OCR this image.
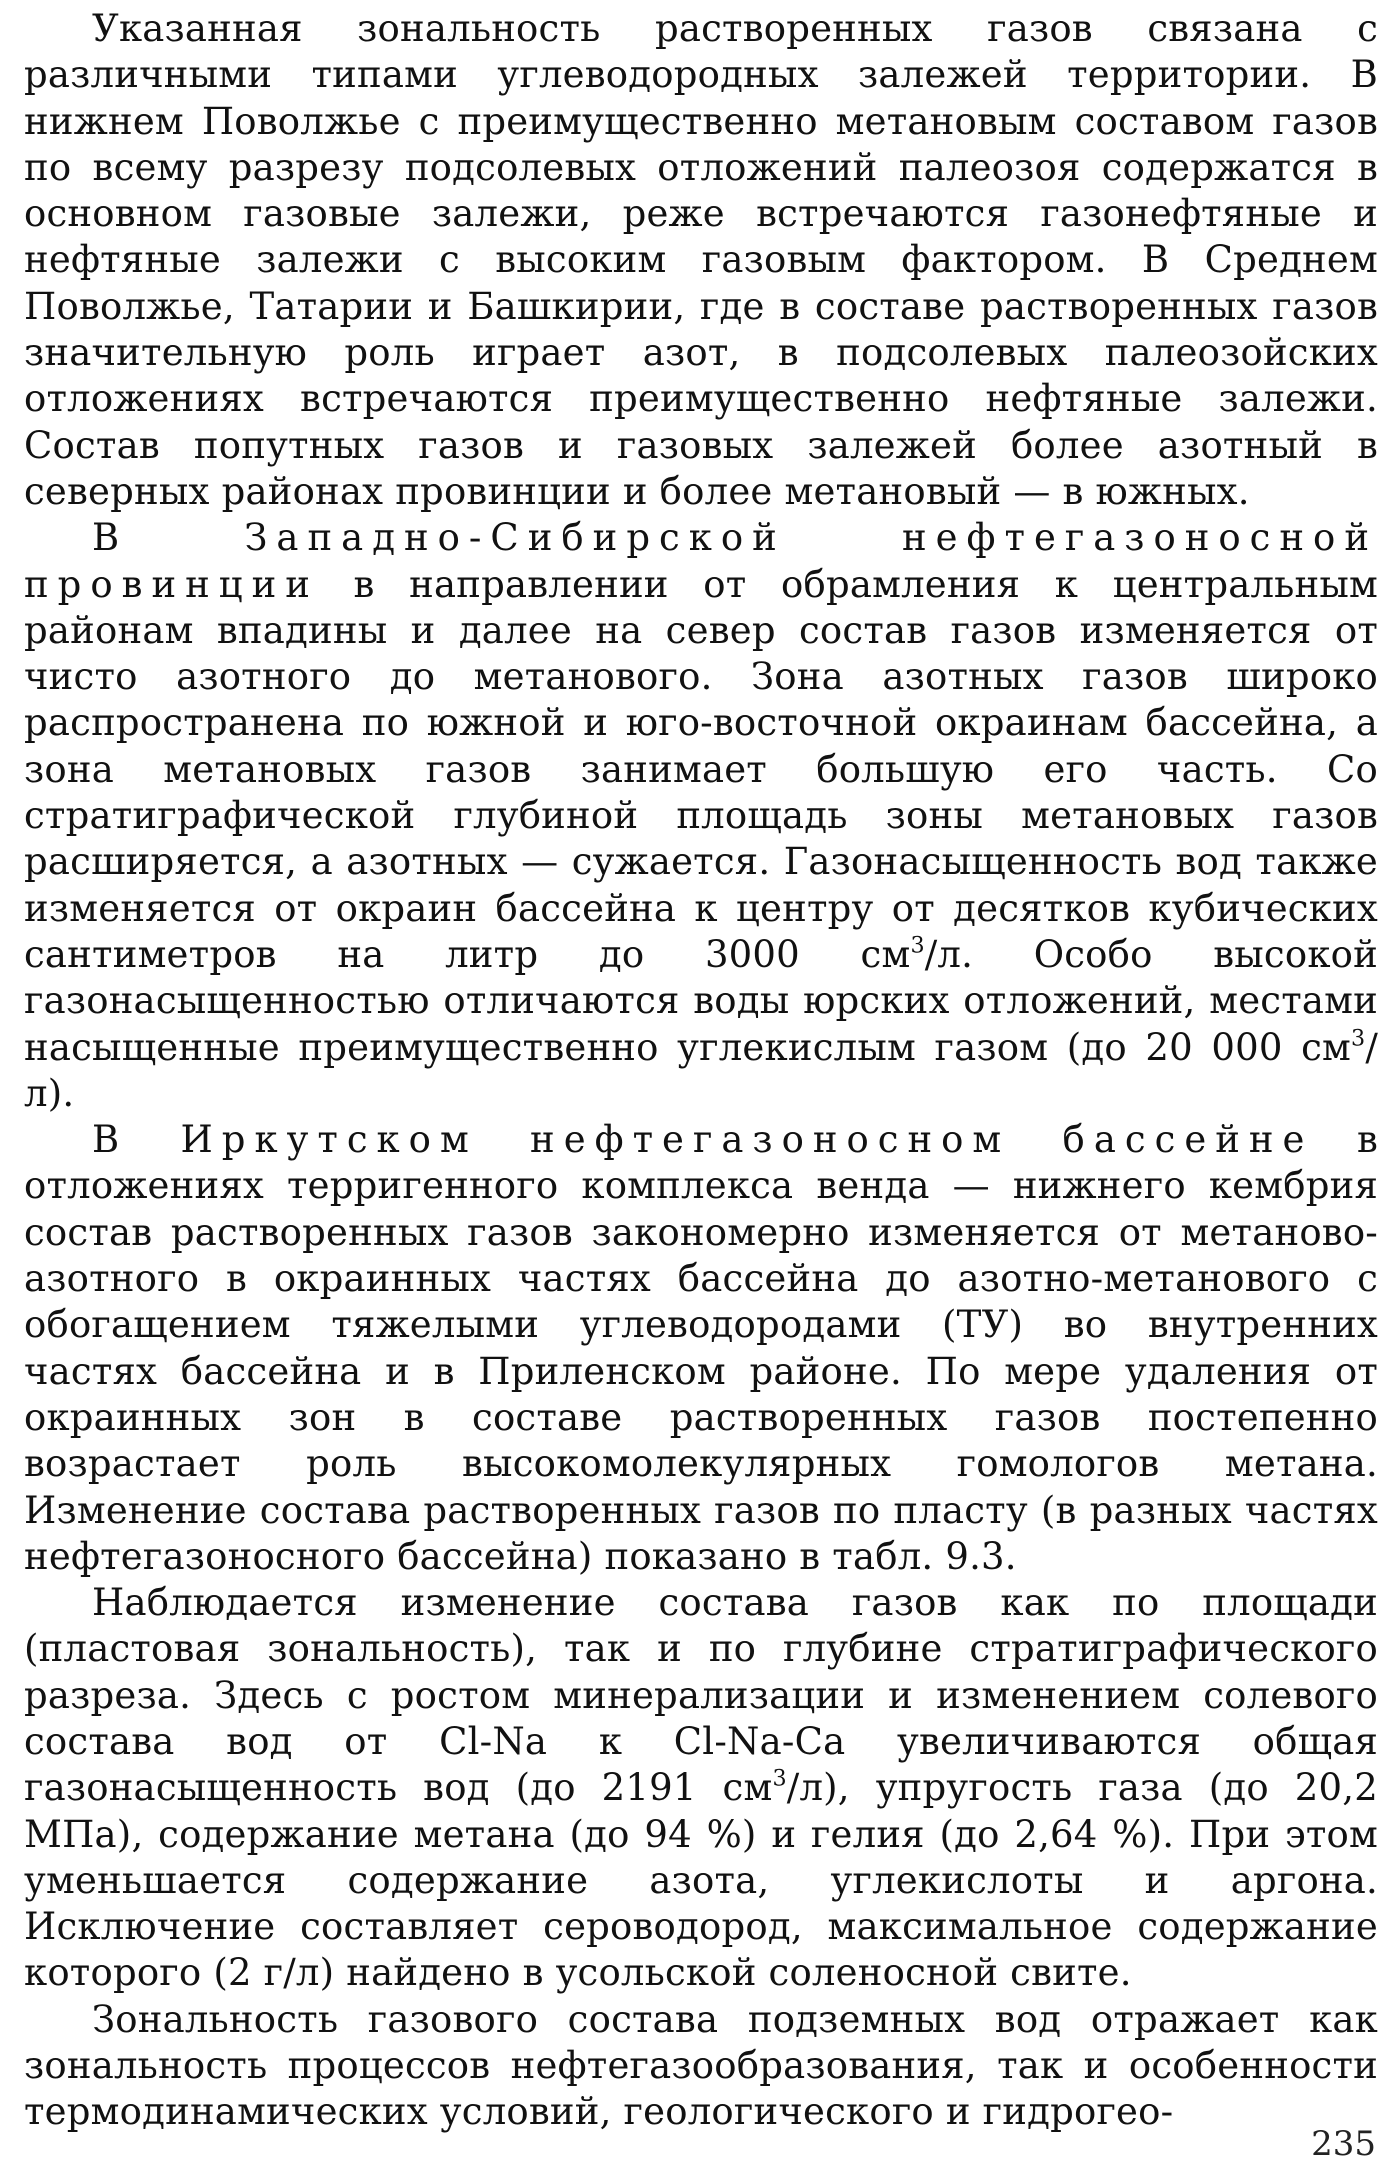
Указанная зональность растворенных газов связана с различными типами углеводородных залежей территории. В нижнем Поволжье с преимущественно метановым составом газов по всему разрезу подсолевых отложений палеозоя содержатся в основном газовые залежи, реже встречаются газонефтяные и нефтяные залежи с высоким газовым фактором. В Среднем Поволжье, Татарии и Башкирии, где в составе растворенных газов значительную роль играет азот, в подсолевых палеозойских отложениях встречаются преимущественно нефтяные залежи. Состав попутных газов и газовых залежей более азотный в северных районах провинции и более метановый — в южных.

В Западно-Сибирской нефтегазоносной провинции в направлении от обрамления к центральным районам впадины и далее на север состав газов изменяется от чисто азотного до метанового. Зона азотных газов широко распространена по южной и юго-восточной окраинам бассейна, а зона метановых газов занимает большую его часть. Со стратиграфической глубиной площадь зоны метановых газов расширяется, а азотных — сужается. Газонасыщенность вод также изменяется от окраин бассейна к центру от десятков кубических сантиметров на литр до 3000 $см^3/л$. Особо высокой газонасыщенностью отличаются воды юрских отложений, местами насыщенные преимущественно углекислым газом (до 20 000 $см^3/л$).

В Иркутском нефтегазоносном бассейне в отложениях терригенного комплекса венда — нижнего кембрия состав растворенных газов закономерно изменяется от метаново-азотного в окраинных частях бассейна до азотно-метанового с обогащением тяжелыми углеводородами (ТУ) во внутренних частях бассейна и в Приленском районе. По мере удаления от окраинных зон в составе растворенных газов постепенно возрастает роль высокомолекулярных гомологов метана. Изменение состава растворенных газов по пласту (в разных частях нефтегазоносного бассейна) показано в табл. 9.3.

Наблюдается изменение состава газов как по площади (пластовая зональность), так и по глубине стратиграфического разреза. Здесь с ростом минерализации и изменением солевого состава вод от Cl-Na к Cl-Na-Ca увеличиваются общая газонасыщенность вод (до 2191 $см^3/л$), упругость газа (до 20,2 МПа), содержание метана (до 94 %) и гелия (до 2,64 %). При этом уменьшается содержание азота, углекислоты и аргона. Исключение составляет сероводород, максимальное содержание которого (2 г/л) найдено в усольской соленосной свите.

Зональность газового состава подземных вод отражает как зональность процессов нефтегазообразования, так и особенности термодинамических условий, геологического и гидрогео-

235
